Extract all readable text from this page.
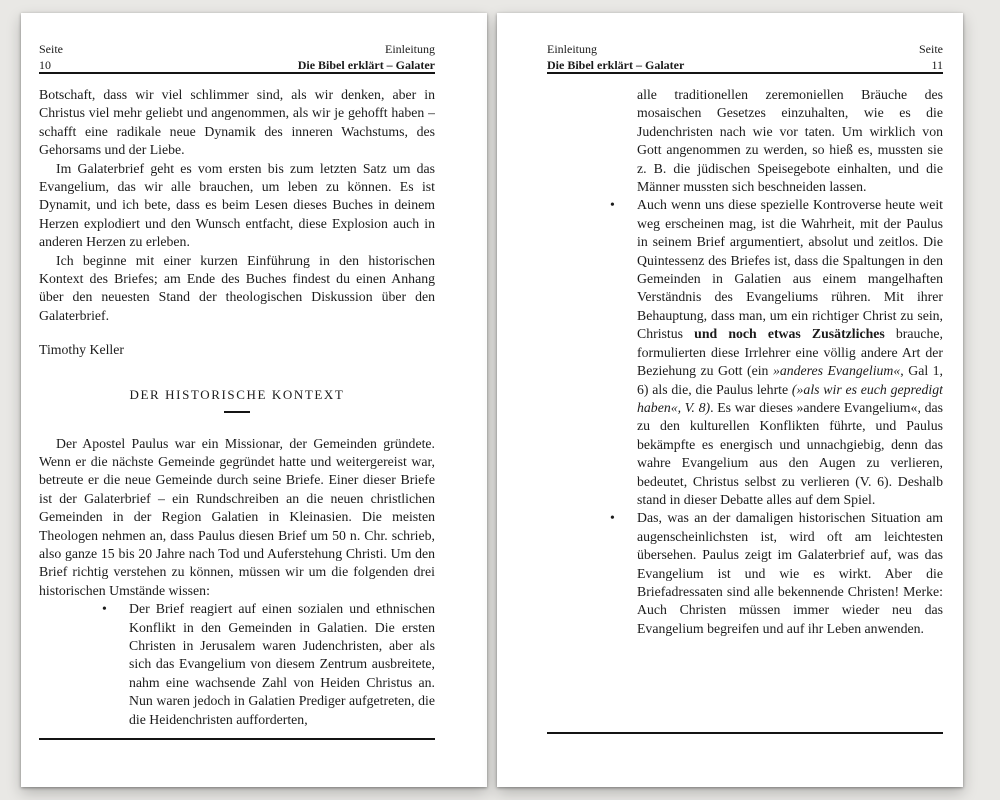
Seite
10
Einleitung
Die Bibel erklärt – Galater

Botschaft, dass wir viel schlimmer sind, als wir denken, aber in Christus viel mehr geliebt und angenommen, als wir je gehofft haben – schafft eine radikale neue Dynamik des inneren Wachstums, des Gehorsams und der Liebe.

Im Galaterbrief geht es vom ersten bis zum letzten Satz um das Evangelium, das wir alle brauchen, um leben zu können. Es ist Dynamit, und ich bete, dass es beim Lesen dieses Buches in deinem Herzen explodiert und den Wunsch entfacht, diese Explosion auch in anderen Herzen zu erleben.

Ich beginne mit einer kurzen Einführung in den historischen Kontext des Briefes; am Ende des Buches findest du einen Anhang über den neuesten Stand der theologischen Diskussion über den Galaterbrief.

Timothy Keller

DER HISTORISCHE KONTEXT

Der Apostel Paulus war ein Missionar, der Gemeinden gründete. Wenn er die nächste Gemeinde gegründet hatte und weitergereist war, betreute er die neue Gemeinde durch seine Briefe. Einer dieser Briefe ist der Galaterbrief – ein Rundschreiben an die neuen christlichen Gemeinden in der Region Galatien in Kleinasien. Die meisten Theologen nehmen an, dass Paulus diesen Brief um 50 n. Chr. schrieb, also ganze 15 bis 20 Jahre nach Tod und Auferstehung Christi. Um den Brief richtig verstehen zu können, müssen wir um die folgenden drei historischen Umstände wissen:

• Der Brief reagiert auf einen sozialen und ethnischen Konflikt in den Gemeinden in Galatien. Die ersten Christen in Jerusalem waren Judenchristen, aber als sich das Evangelium von diesem Zentrum ausbreitete, nahm eine wachsende Zahl von Heiden Christus an. Nun waren jedoch in Galatien Prediger aufgetreten, die die Heidenchristen aufforderten,
Einleitung
Die Bibel erklärt – Galater
Seite
11
alle traditionellen zeremoniellen Bräuche des mosaischen Gesetzes einzuhalten, wie es die Judenchristen nach wie vor taten. Um wirklich von Gott angenommen zu werden, so hieß es, mussten sie z. B. die jüdischen Speisegebote einhalten, und die Männer mussten sich beschneiden lassen.
• Auch wenn uns diese spezielle Kontroverse heute weit weg erscheinen mag, ist die Wahrheit, mit der Paulus in seinem Brief argumentiert, absolut und zeitlos. Die Quintessenz des Briefes ist, dass die Spaltungen in den Gemeinden in Galatien aus einem mangelhaften Verständnis des Evangeliums rühren. Mit ihrer Behauptung, dass man, um ein richtiger Christ zu sein, Christus und noch etwas Zusätzliches brauche, formulierten diese Irrlehrer eine völlig andere Art der Beziehung zu Gott (ein »anderes Evangelium«, Gal 1, 6) als die, die Paulus lehrte (»als wir es euch gepredigt haben«, V. 8). Es war dieses »andere Evangelium«, das zu den kulturellen Konflikten führte, und Paulus bekämpfte es energisch und unnachgiebig, denn das wahre Evangelium aus den Augen zu verlieren, bedeutet, Christus selbst zu verlieren (V. 6). Deshalb stand in dieser Debatte alles auf dem Spiel.
• Das, was an der damaligen historischen Situation am augenscheinlichsten ist, wird oft am leichtesten übersehen. Paulus zeigt im Galaterbrief auf, was das Evangelium ist und wie es wirkt. Aber die Briefadressaten sind alle bekennende Christen! Merke: Auch Christen müssen immer wieder neu das Evangelium begreifen und auf ihr Leben anwenden.
